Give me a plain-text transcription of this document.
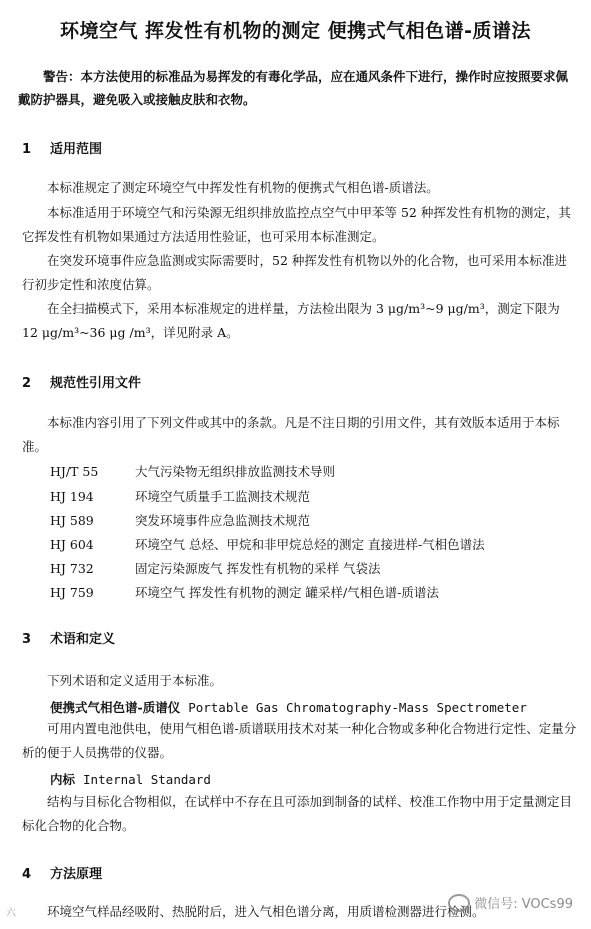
环境空气 挥发性有机物的测定 便携式气相色谱-质谱法
警告：本方法使用的标准品为易挥发的有毒化学品，应在通风条件下进行，操作时应按照要求佩戴防护器具，避免吸入或接触皮肤和衣物。
1 适用范围
本标准规定了测定环境空气中挥发性有机物的便携式气相色谱-质谱法。
本标准适用于环境空气和污染源无组织排放监控点空气中甲苯等 52 种挥发性有机物的测定，其它挥发性有机物如果通过方法适用性验证，也可采用本标准测定。
在突发环境事件应急监测或实际需要时，52 种挥发性有机物以外的化合物，也可采用本标准进行初步定性和浓度估算。
在全扫描模式下，采用本标准规定的进样量，方法检出限为 3 μg/m³~9 μg/m³，测定下限为 12 μg/m³~36 μg /m³，详见附录 A。
2 规范性引用文件
本标准内容引用了下列文件或其中的条款。凡是不注日期的引用文件，其有效版本适用于本标准。
HJ/T 55	大气污染物无组织排放监测技术导则
HJ 194	环境空气质量手工监测技术规范
HJ 589	突发环境事件应急监测技术规范
HJ 604	环境空气 总烃、甲烷和非甲烷总烃的测定 直接进样-气相色谱法
HJ 732	固定污染源废气 挥发性有机物的采样 气袋法
HJ 759	环境空气 挥发性有机物的测定 罐采样/气相色谱-质谱法
3 术语和定义
下列术语和定义适用于本标准。
便携式气相色谱-质谱仪 Portable Gas Chromatography-Mass Spectrometer
可用内置电池供电，使用气相色谱-质谱联用技术对某一种化合物或多种化合物进行定性、定量分析的便于人员携带的仪器。
内标 Internal Standard
结构与目标化合物相似，在试样中不存在且可添加到制备的试样、校准工作物中用于定量测定目标化合物的化合物。
4 方法原理
环境空气样品经吸附、热脱附后，进入气相色谱分离，用质谱检测器进行检测。
六
微信号: VOCs99
